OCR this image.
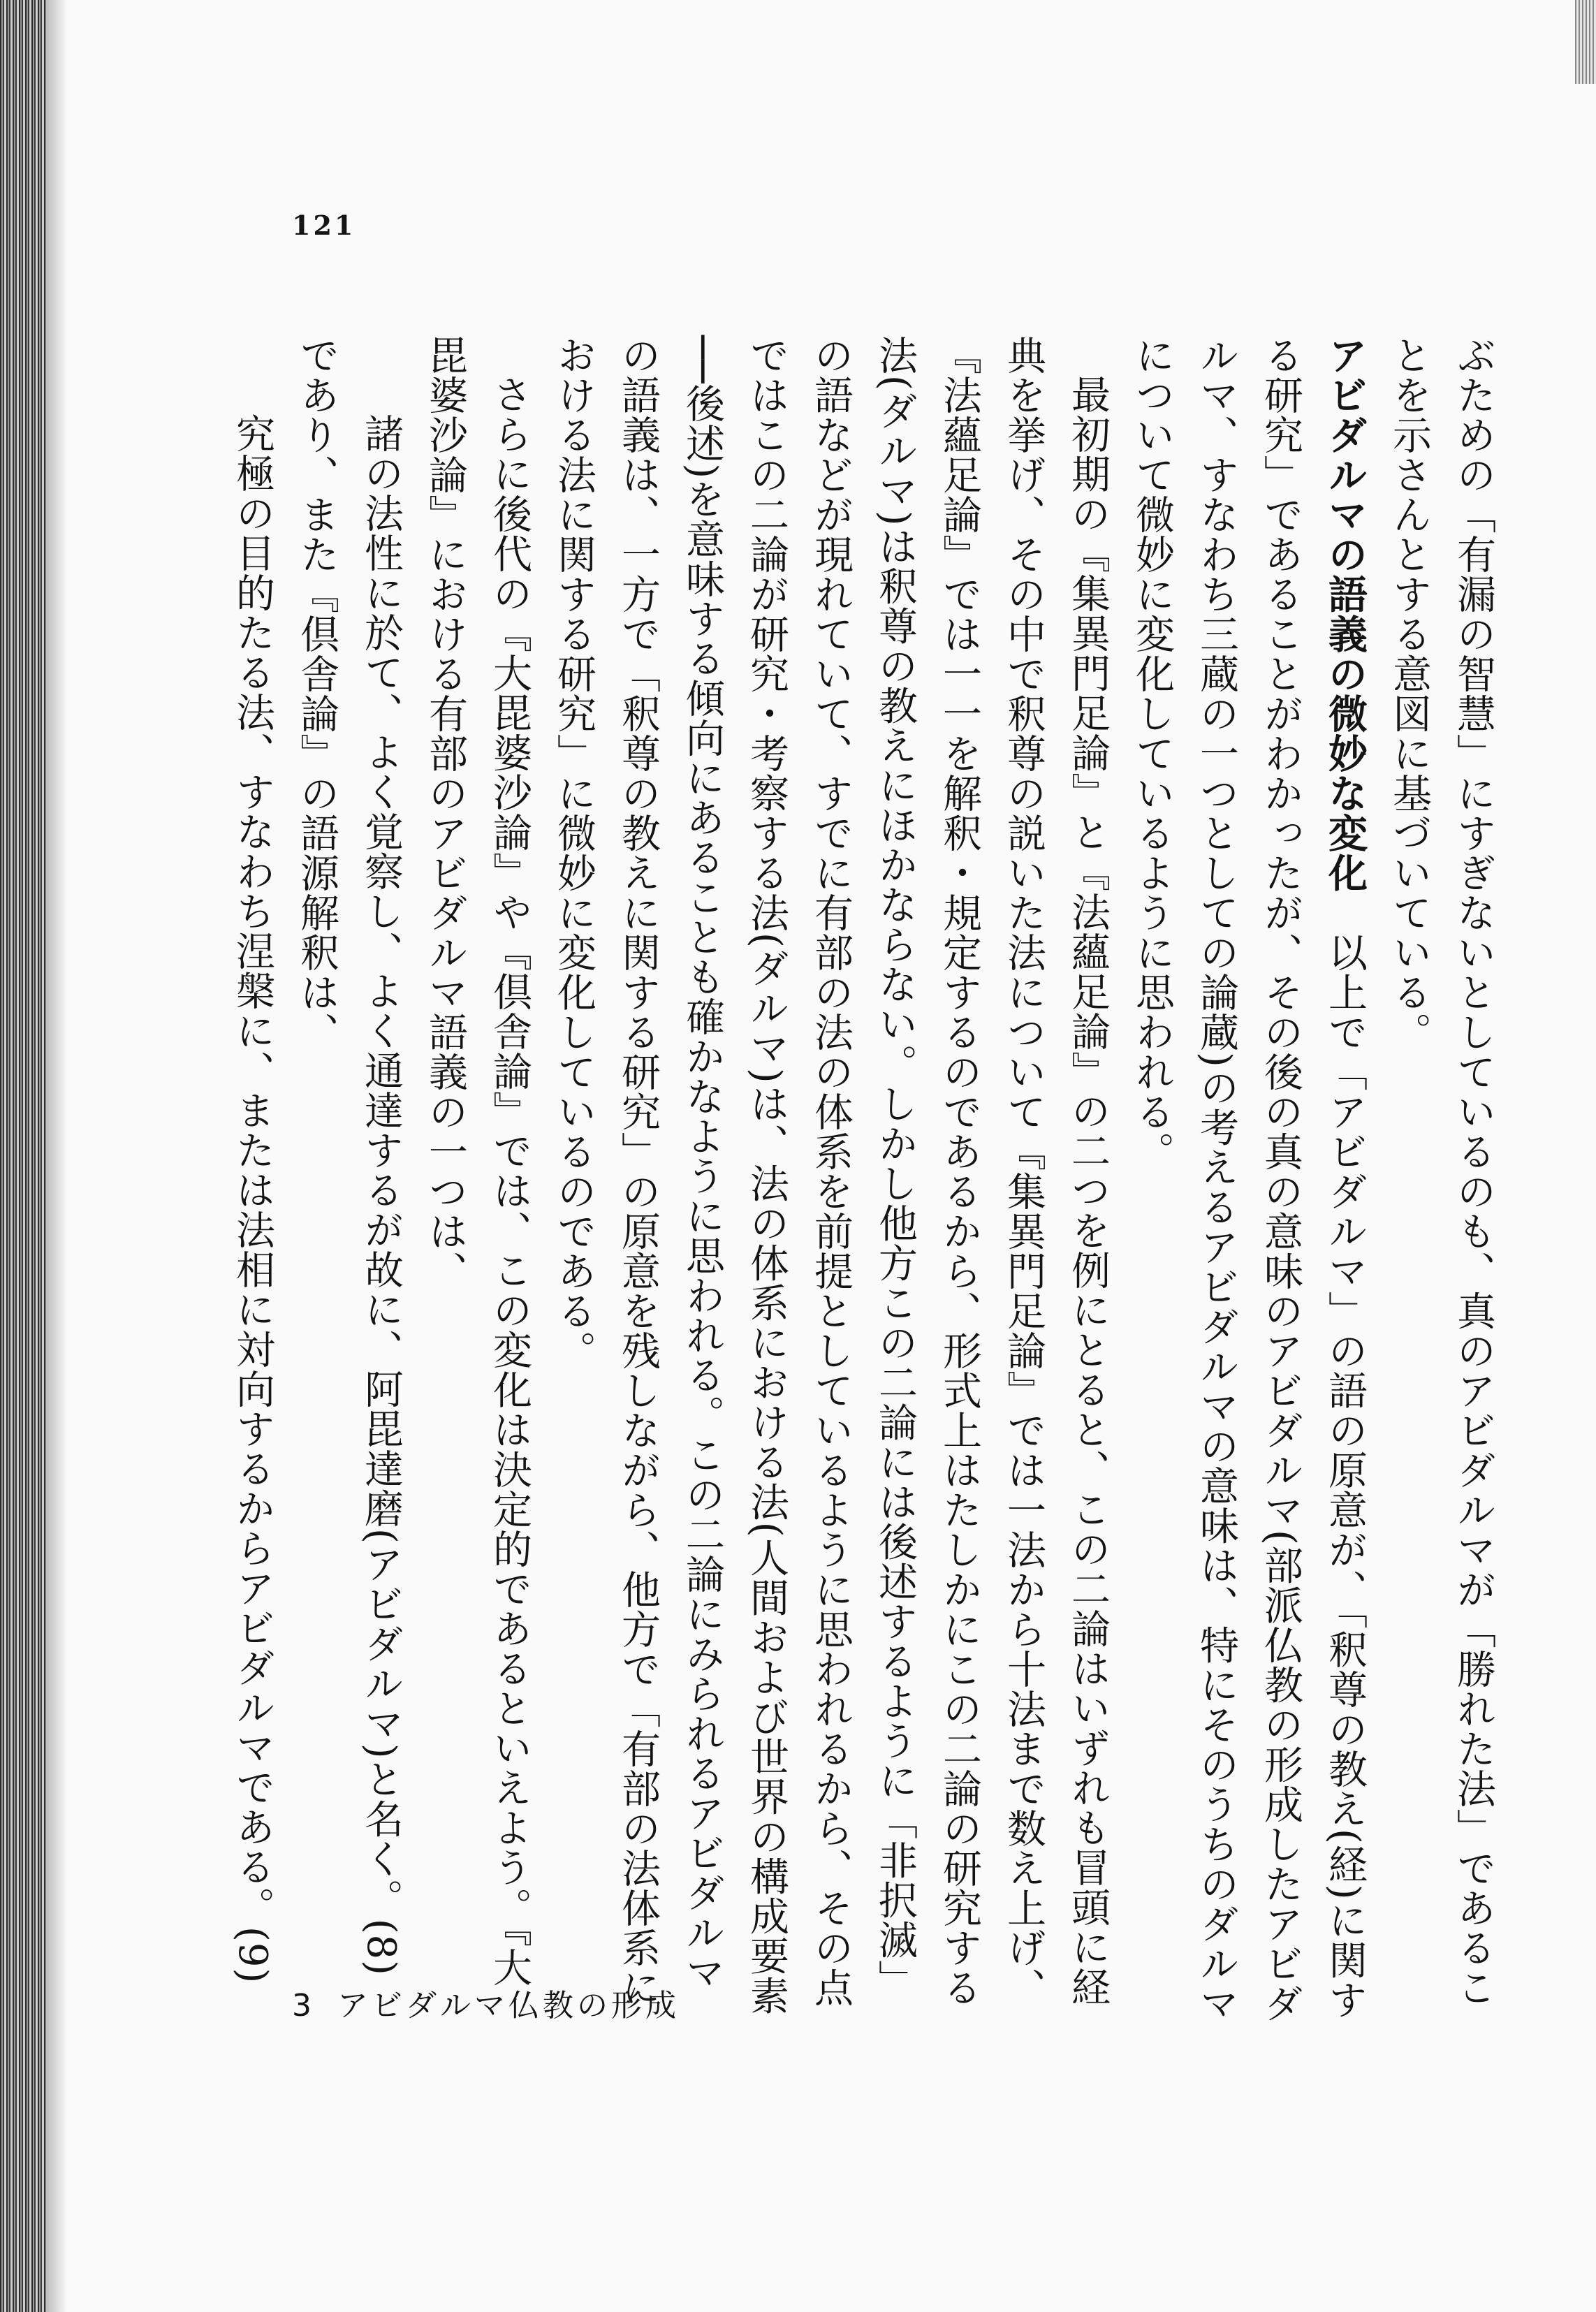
121

ぶための「有漏の智慧」にすぎないとしているのも、真のアビダルマが「勝れた法」であることを示さんとする意図に基づいている。

アビダルマの語義の微妙な変化　以上で「アビダルマ」の語の原意が、「釈尊の教え(経)に関する研究」であることがわかったが、その後の真の意味のアビダルマ(部派仏教の形成したアビダルマ、すなわち三蔵の一つとしての論蔵)の考えるアビダルマの意味は、特にそのうちのダルマについて微妙に変化しているように思われる。

最初期の『集異門足論』と『法蘊足論』の二つを例にとると、この二論はいずれも冒頭に経典を挙げ、その中で釈尊の説いた法について『集異門足論』では一法から十法まで数え上げ、『法蘊足論』では一一を解釈・規定するのであるから、形式上はたしかにこの二論の研究する法(ダルマ)は釈尊の教えにほかならない。しかし他方この二論には後述するように「非択滅」の語などが現れていて、すでに有部の法の体系を前提としているように思われるから、その点ではこの二論が研究・考察する法(ダルマ)は、法の体系における法(人間および世界の構成要素──後述)を意味する傾向にあることも確かなように思われる。この二論にみられるアビダルマの語義は、一方で「釈尊の教えに関する研究」の原意を残しながら、他方で「有部の法体系における法に関する研究」に微妙に変化しているのである。

さらに後代の『大毘婆沙論』や『倶舎論』では、この変化は決定的であるといえよう。『大毘婆沙論』における有部のアビダルマ語義の一つは、

諸の法性に於て、よく覚察し、よく通達するが故に、阿毘達磨(アビダルマ)と名く。(8)

であり、また『倶舎論』の語源解釈は、

究極の目的たる法、すなわち涅槃に、または法相に対向するからアビダルマである。(9)

3 アビダルマ仏教の形成
